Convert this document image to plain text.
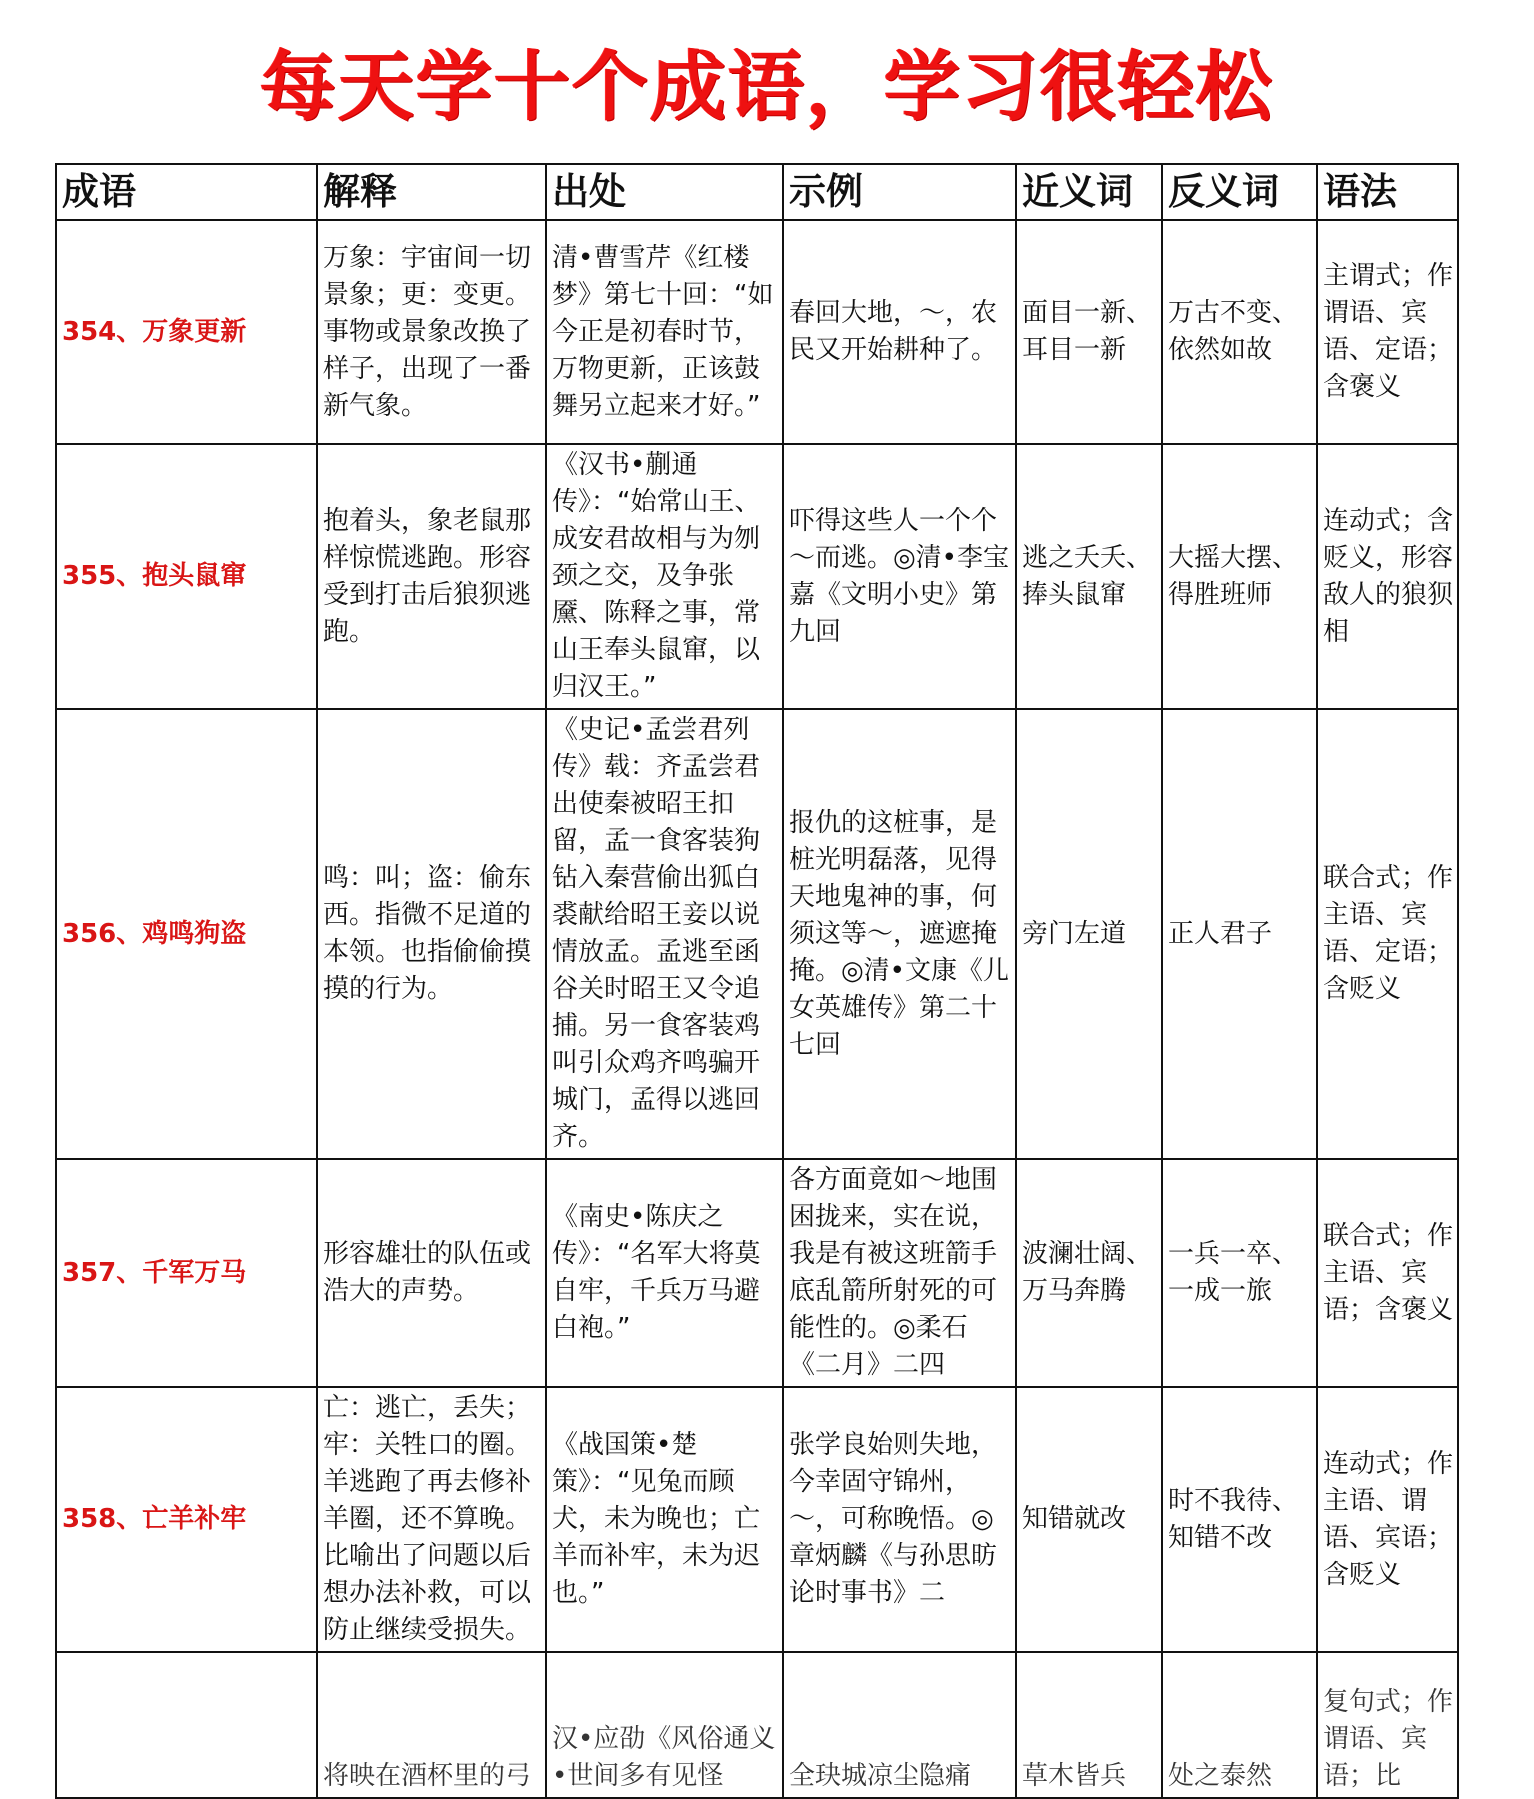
每天学十个成语，学习很轻松
成语	解释	出处	示例	近义词	反义词	语法
354、万象更新	万象：宇宙间一切景象；更：变更。事物或景象改换了样子，出现了一番新气象。	清•曹雪芹《红楼梦》第七十回：“如今正是初春时节，万物更新，正该鼓舞另立起来才好。”	春回大地，～，农民又开始耕种了。	面目一新、耳目一新	万古不变、依然如故	主谓式；作谓语、宾语、定语；含褒义
355、抱头鼠窜	抱着头，象老鼠那样惊慌逃跑。形容受到打击后狼狈逃跑。	《汉书•蒯通传》：“始常山王、成安君故相与为刎颈之交，及争张黡、陈释之事，常山王奉头鼠窜，以归汉王。”	吓得这些人一个个～而逃。◎清•李宝嘉《文明小史》第九回	逃之夭夭、捧头鼠窜	大摇大摆、得胜班师	连动式；含贬义，形容敌人的狼狈相
356、鸡鸣狗盗	鸣：叫；盗：偷东西。指微不足道的本领。也指偷偷摸摸的行为。	《史记•孟尝君列传》载：齐孟尝君出使秦被昭王扣留，孟一食客装狗钻入秦营偷出狐白裘献给昭王妾以说情放孟。孟逃至函谷关时昭王又令追捕。另一食客装鸡叫引众鸡齐鸣骗开城门，孟得以逃回齐。	报仇的这桩事，是桩光明磊落，见得天地鬼神的事，何须这等～，遮遮掩掩。◎清•文康《儿女英雄传》第二十七回	旁门左道	正人君子	联合式；作主语、宾语、定语；含贬义
357、千军万马	形容雄壮的队伍或浩大的声势。	《南史•陈庆之传》：“名军大将莫自牢，千兵万马避白袍。”	各方面竟如～地围困拢来，实在说，我是有被这班箭手底乱箭所射死的可能性的。◎柔石《二月》二四	波澜壮阔、万马奔腾	一兵一卒、一成一旅	联合式；作主语、宾语；含褒义
358、亡羊补牢	亡：逃亡，丢失；牢：关牲口的圈。羊逃跑了再去修补羊圈，还不算晚。比喻出了问题以后想办法补救，可以防止继续受损失。	《战国策•楚策》：“见兔而顾犬，未为晚也；亡羊而补牢，未为迟也。”	张学良始则失地，今幸固守锦州，～，可称晚悟。◎章炳麟《与孙思昉论时事书》二	知错就改	时不我待、知错不改	连动式；作主语、谓语、宾语；含贬义
	将映在酒杯里的弓	汉•应劭《风俗通义•世间多有见怪	全玦城凉尘隐痛	草木皆兵	处之泰然	复句式；作谓语、宾语；比
